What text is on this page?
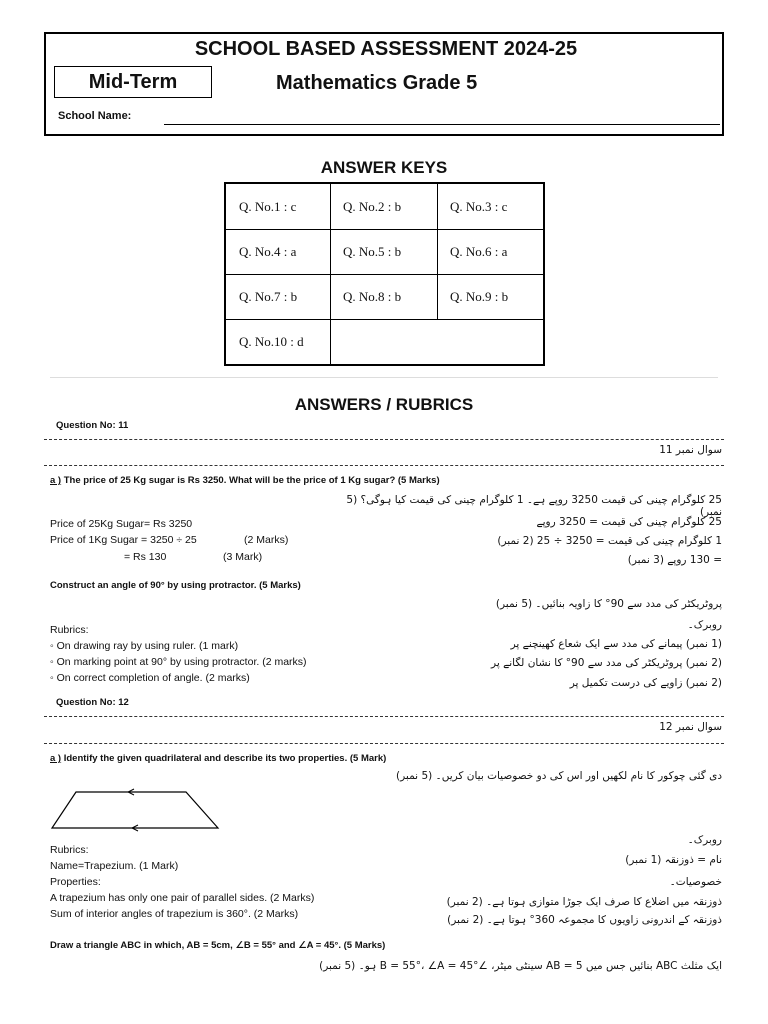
SCHOOL BASED ASSESSMENT 2024-25
Mid-Term	Mathematics Grade 5
School Name:
ANSWER KEYS
Q. No.1 : c	Q. No.2 : b	Q. No.3 : c
Q. No.4 : a	Q. No.5 : b	Q. No.6 : a
Q. No.7 : b	Q. No.8 : b	Q. No.9 : b
Q. No.10 : d
ANSWERS / RUBRICS
Question No: 11
سوال نمبر 11
a ) The price of 25 Kg sugar is Rs 3250. What will be the price of 1 Kg sugar? (5 Marks)
25 کلوگرام چینی کی قیمت 3250 روپے ہے۔ 1 کلوگرام چینی کی قیمت کیا ہوگی؟ (5 نمبر)
Price of 25Kg Sugar= Rs 3250
Price of 1Kg Sugar = 3250 ÷ 25	(2 Marks)
= Rs 130	(3 Mark)
25 کلوگرام چینی کی قیمت = 3250 روپے
1 کلوگرام چینی کی قیمت = 3250 ÷ 25 (2 نمبر)
= 130 روپے (3 نمبر)
Construct an angle of 90° by using protractor. (5 Marks)
پروٹریکٹر کی مدد سے 90° کا زاویہ بنائیں۔ (5 نمبر)
Rubrics:
◦ On drawing ray by using ruler. (1 mark)
◦ On marking point at 90° by using protractor. (2 marks)
◦ On correct completion of angle. (2 marks)
روبرک۔
(1 نمبر) پیمانے کی مدد سے ایک شعاع کھینچنے پر
(2 نمبر) پروٹریکٹر کی مدد سے 90° کا نشان لگانے پر
(2 نمبر) زاویے کی درست تکمیل پر
Question No: 12
سوال نمبر 12
a ) Identify the given quadrilateral and describe its two properties. (5 Mark)
دی گئی چوکور کا نام لکھیں اور اس کی دو خصوصیات بیان کریں۔ (5 نمبر)
Rubrics:
Name=Trapezium. (1 Mark)
Properties:
A trapezium has only one pair of parallel sides. (2 Marks)
Sum of interior angles of trapezium is 360°. (2 Marks)
روبرک۔
نام = ذوزنقہ (1 نمبر)
خصوصیات۔
ذوزنقہ میں اضلاع کا صرف ایک جوڑا متوازی ہوتا ہے۔ (2 نمبر)
ذوزنقہ کے اندرونی زاویوں کا مجموعہ 360° ہوتا ہے۔ (2 نمبر)
Draw a triangle ABC in which, AB = 5cm, ∠B = 55° and ∠A = 45°. (5 Marks)
ایک مثلث ABC بنائیں جس میں AB = 5 سینٹی میٹر، ∠B = 55°، ∠A = 45° ہو۔ (5 نمبر)
